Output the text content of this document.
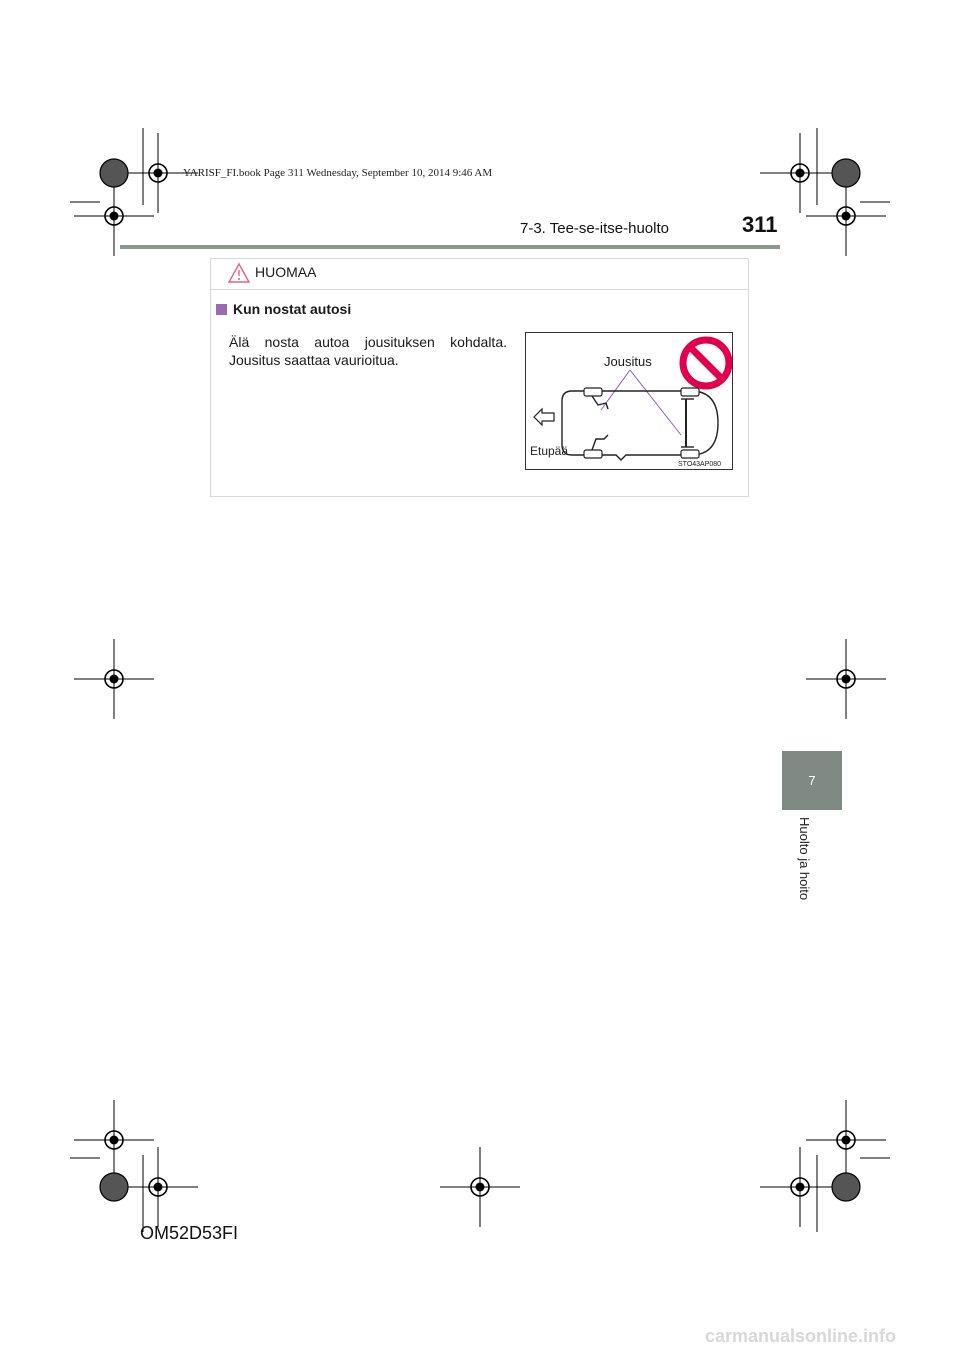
YARISF_FI.book Page 311 Wednesday, September 10, 2014 9:46 AM
7-3. Tee-se-itse-huolto	311
HUOMAA
Kun nostat autosi
Älä nosta autoa jousituksen kohdalta. Jousitus saattaa vaurioitua.	Jousitus
Etupää
STO43AP080
7
Huolto ja hoito
OM52D53FI
carmanualsonline.info
